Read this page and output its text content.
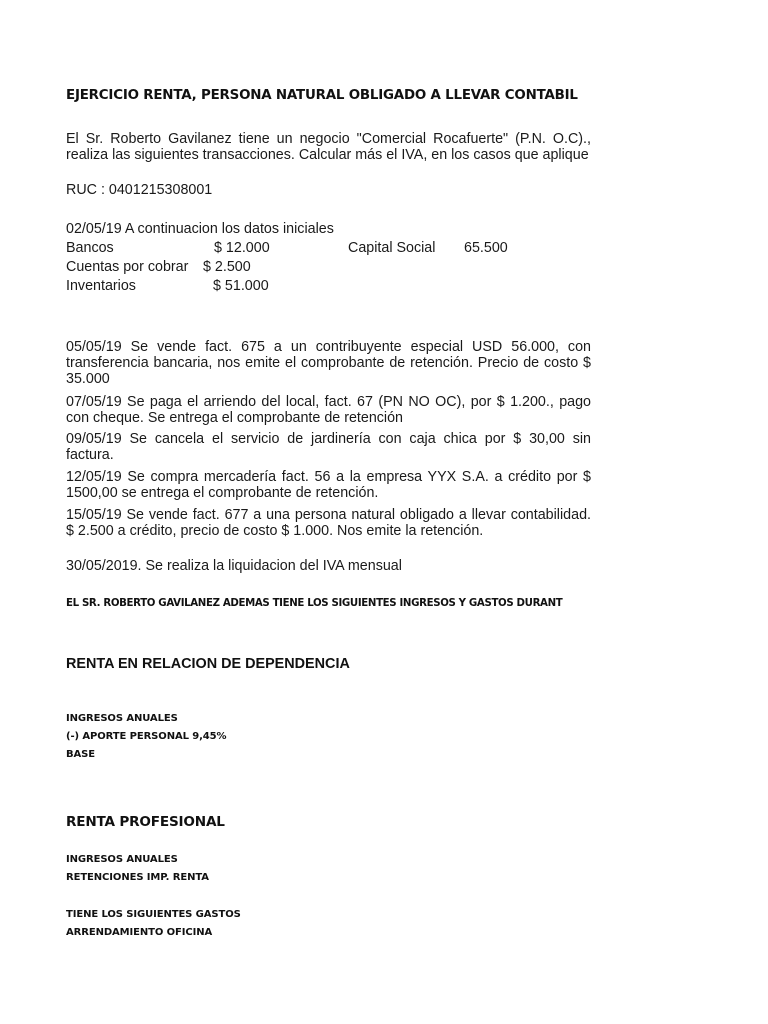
EJERCICIO RENTA, PERSONA NATURAL OBLIGADO A LLEVAR CONTABIL
El Sr. Roberto Gavilanez tiene un negocio "Comercial Rocafuerte" (P.N. O.C)., realiza las siguientes transacciones. Calcular más el IVA, en los casos que aplique
RUC : 0401215308001
02/05/19 A continuacion los datos iniciales
Bancos	$ 12.000	Capital Social 65.500
Cuentas por cobrar $ 2.500
Inventarios	$ 51.000
05/05/19 Se vende fact. 675 a un contribuyente especial USD 56.000, con transferencia bancaria, nos emite el comprobante de retención. Precio de costo $ 35.000
07/05/19 Se paga el arriendo del local, fact. 67 (PN NO OC), por $ 1.200., pago con cheque. Se entrega el comprobante de retención
09/05/19 Se cancela el servicio de jardinería con caja chica por $ 30,00 sin factura.
12/05/19 Se compra mercadería fact. 56 a la empresa YYX S.A. a crédito por $ 1500,00 se entrega el comprobante de retención.
15/05/19 Se vende fact. 677 a una persona natural obligado a llevar contabilidad. $ 2.500 a crédito, precio de costo $ 1.000. Nos emite la retención.
30/05/2019. Se realiza la liquidacion del IVA mensual
EL SR. ROBERTO GAVILANEZ ADEMAS TIENE LOS SIGUIENTES INGRESOS Y GASTOS DURANT
RENTA EN RELACION DE DEPENDENCIA
INGRESOS ANUALES
(-) APORTE PERSONAL 9,45%
BASE
RENTA PROFESIONAL
INGRESOS ANUALES
RETENCIONES IMP. RENTA
TIENE LOS SIGUIENTES GASTOS
ARRENDAMIENTO OFICINA
